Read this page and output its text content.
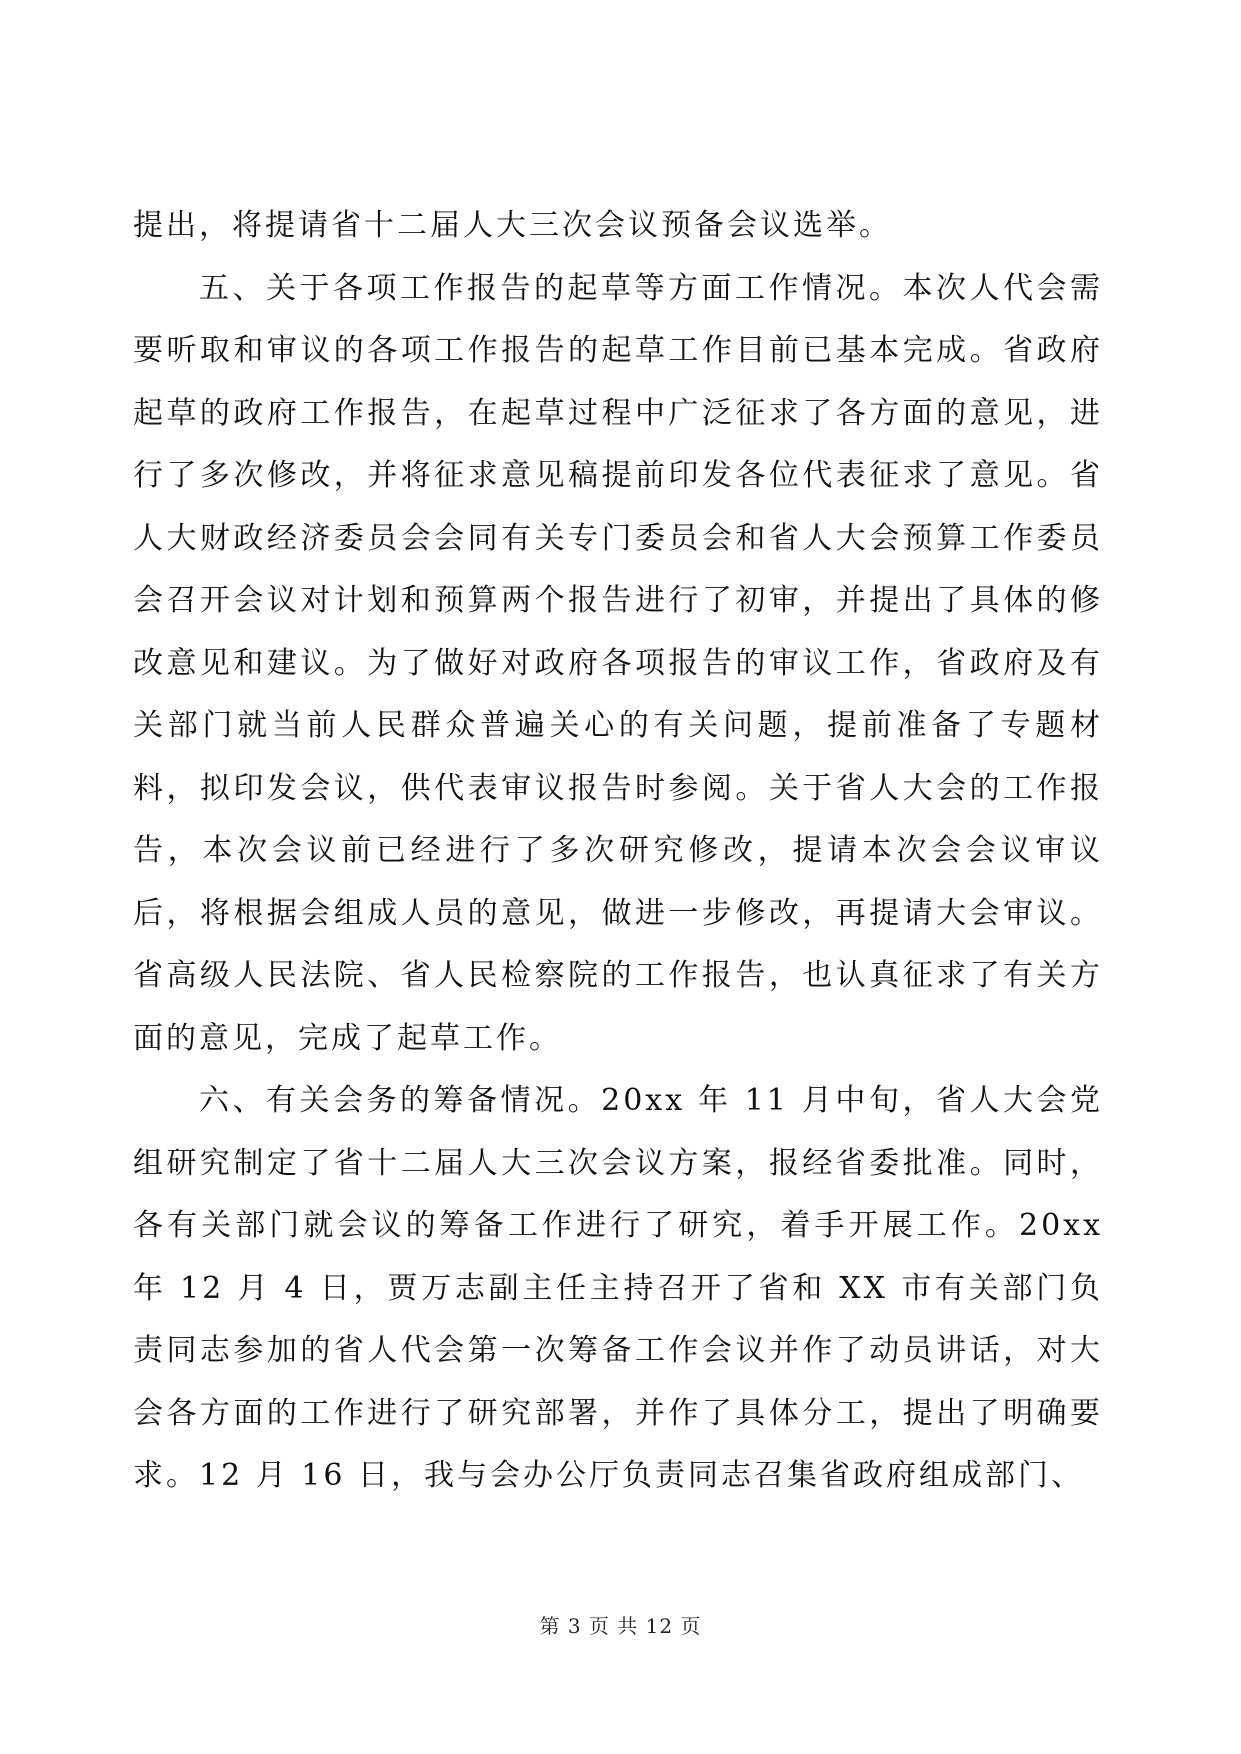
提出，将提请省十二届人大三次会议预备会议选举。

五、关于各项工作报告的起草等方面工作情况。本次人代会需要听取和审议的各项工作报告的起草工作目前已基本完成。省政府起草的政府工作报告，在起草过程中广泛征求了各方面的意见，进行了多次修改，并将征求意见稿提前印发各位代表征求了意见。省人大财政经济委员会会同有关专门委员会和省人大会预算工作委员会召开会议对计划和预算两个报告进行了初审，并提出了具体的修改意见和建议。为了做好对政府各项报告的审议工作，省政府及有关部门就当前人民群众普遍关心的有关问题，提前准备了专题材料，拟印发会议，供代表审议报告时参阅。关于省人大会的工作报告，本次会议前已经进行了多次研究修改，提请本次会会议审议后，将根据会组成人员的意见，做进一步修改，再提请大会审议。省高级人民法院、省人民检察院的工作报告，也认真征求了有关方面的意见，完成了起草工作。

六、有关会务的筹备情况。20xx 年 11 月中旬，省人大会党组研究制定了省十二届人大三次会议方案，报经省委批准。同时，各有关部门就会议的筹备工作进行了研究，着手开展工作。20xx 年 12 月 4 日，贾万志副主任主持召开了省和 XX 市有关部门负责同志参加的省人代会第一次筹备工作会议并作了动员讲话，对大会各方面的工作进行了研究部署，并作了具体分工，提出了明确要求。12 月 16 日，我与会办公厅负责同志召集省政府组成部门、

第 3 页 共 12 页
